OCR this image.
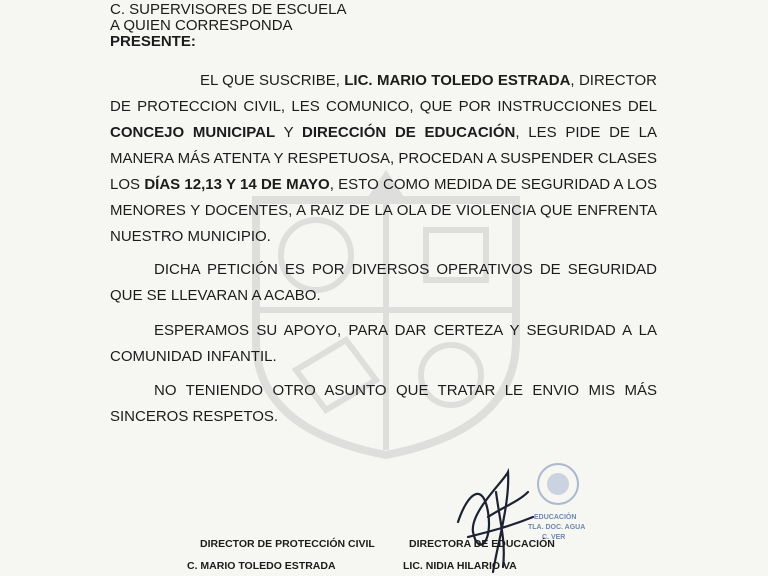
C. SUPERVISORES DE ESCUELA
A QUIEN CORRESPONDA
PRESENTE:
EL QUE SUSCRIBE, LIC. MARIO TOLEDO ESTRADA, DIRECTOR DE PROTECCION CIVIL, LES COMUNICO, QUE POR INSTRUCCIONES DEL CONCEJO MUNICIPAL Y DIRECCIÓN DE EDUCACIÓN, LES PIDE DE LA MANERA MÁS ATENTA Y RESPETUOSA, PROCEDAN A SUSPENDER CLASES LOS DÍAS 12,13 Y 14 DE MAYO, ESTO COMO MEDIDA DE SEGURIDAD A LOS MENORES Y DOCENTES, A RAIZ DE LA OLA DE VIOLENCIA QUE ENFRENTA NUESTRO MUNICIPIO.
DICHA PETICIÓN ES POR DIVERSOS OPERATIVOS DE SEGURIDAD QUE SE LLEVARAN A ACABO.
ESPERAMOS SU APOYO, PARA DAR CERTEZA Y SEGURIDAD A LA COMUNIDAD INFANTIL.
NO TENIENDO OTRO ASUNTO QUE TRATAR LE ENVIO MIS MÁS SINCEROS RESPETOS.
EDUCACIÓN
TLA. DOC. AGUA
C. VER
DIRECTOR DE PROTECCIÓN CIVIL
C. MARIO TOLEDO ESTRADA
DIRECTORA DE EDUCACIÓN
LIC. NIDIA HILARIO VA
